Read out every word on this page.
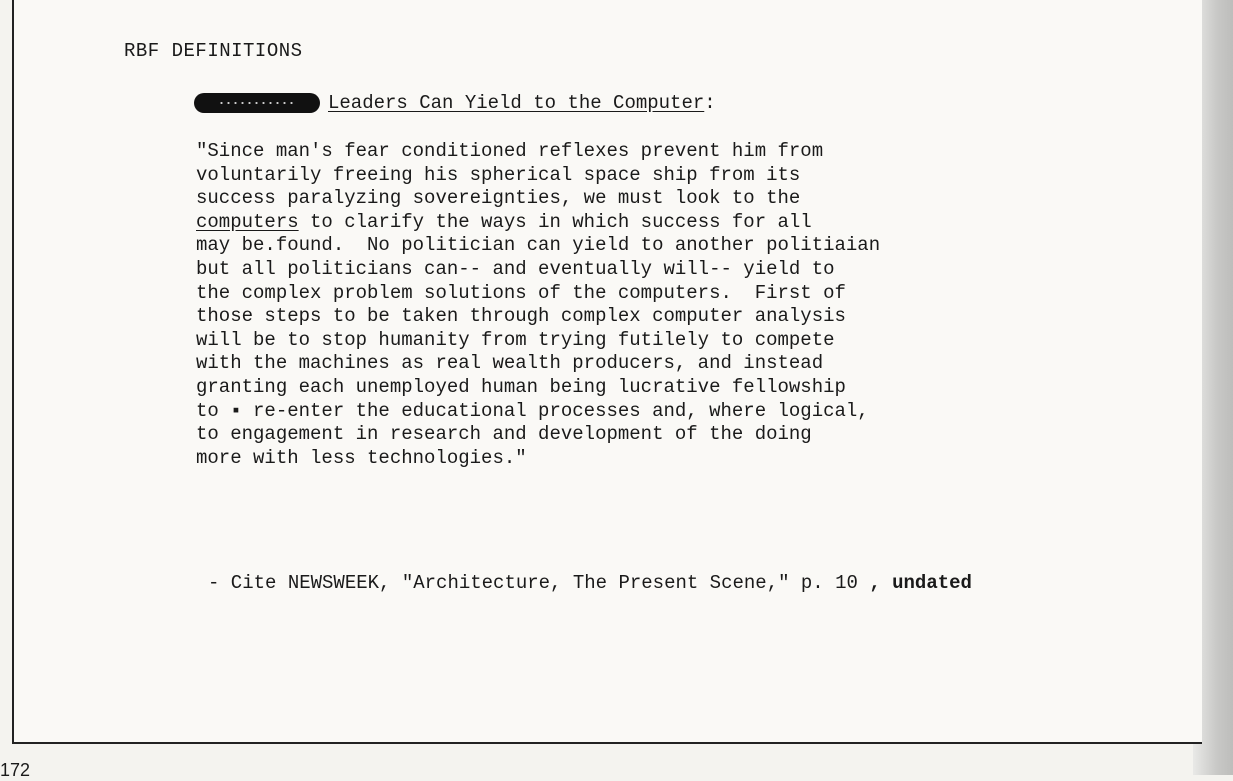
RBF DEFINITIONS
Leaders Can Yield to the Computer:
"Since man's fear conditioned reflexes prevent him from
voluntarily freeing his spherical space ship from its
success paralyzing sovereignties, we must look to the
computers to clarify the ways in which success for all
may be.found.  No politician can yield to another politiaian
but all politicians can-- and eventually will-- yield to
the complex problem solutions of the computers.  First of
those steps to be taken through complex computer analysis
will be to stop humanity from trying futilely to compete
with the machines as real wealth producers, and instead
granting each unemployed human being lucrative fellowship
to ▪ re-enter the educational processes and, where logical,
to engagement in research and development of the doing
more with less technologies."
- Cite NEWSWEEK, "Architecture, The Present Scene," p. 10 , undated
172
